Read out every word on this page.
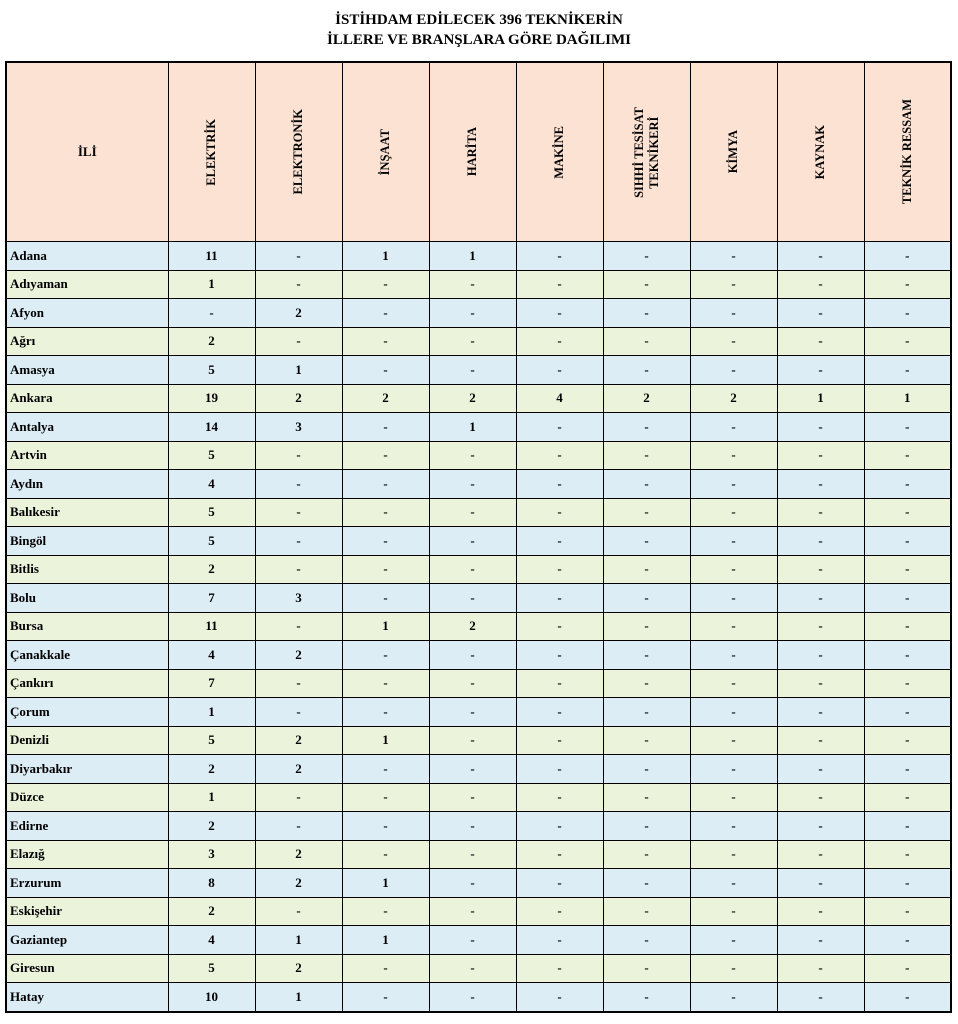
İSTİHDAM EDİLECEK 396 TEKNİKERİN
İLLERE VE BRANŞLARA GÖRE DAĞILIMI
İLİ	ELEKTRİK	ELEKTRONİK	İNŞAAT	HARİTA	MAKİNE	SIHHİ TESİSAT
TEKNİKERİ	KİMYA	KAYNAK	TEKNİK RESSAM

Adana	11	-	1	1	-	-	-	-	-
Adıyaman	1	-	-	-	-	-	-	-	-
Afyon	-	2	-	-	-	-	-	-	-
Ağrı	2	-	-	-	-	-	-	-	-
Amasya	5	1	-	-	-	-	-	-	-
Ankara	19	2	2	2	4	2	2	1	1
Antalya	14	3	-	1	-	-	-	-	-
Artvin	5	-	-	-	-	-	-	-	-
Aydın	4	-	-	-	-	-	-	-	-
Balıkesir	5	-	-	-	-	-	-	-	-
Bingöl	5	-	-	-	-	-	-	-	-
Bitlis	2	-	-	-	-	-	-	-	-
Bolu	7	3	-	-	-	-	-	-	-
Bursa	11	-	1	2	-	-	-	-	-
Çanakkale	4	2	-	-	-	-	-	-	-
Çankırı	7	-	-	-	-	-	-	-	-
Çorum	1	-	-	-	-	-	-	-	-
Denizli	5	2	1	-	-	-	-	-	-
Diyarbakır	2	2	-	-	-	-	-	-	-
Düzce	1	-	-	-	-	-	-	-	-
Edirne	2	-	-	-	-	-	-	-	-
Elazığ	3	2	-	-	-	-	-	-	-
Erzurum	8	2	1	-	-	-	-	-	-
Eskişehir	2	-	-	-	-	-	-	-	-
Gaziantep	4	1	1	-	-	-	-	-	-
Giresun	5	2	-	-	-	-	-	-	-
Hatay	10	1	-	-	-	-	-	-	-
